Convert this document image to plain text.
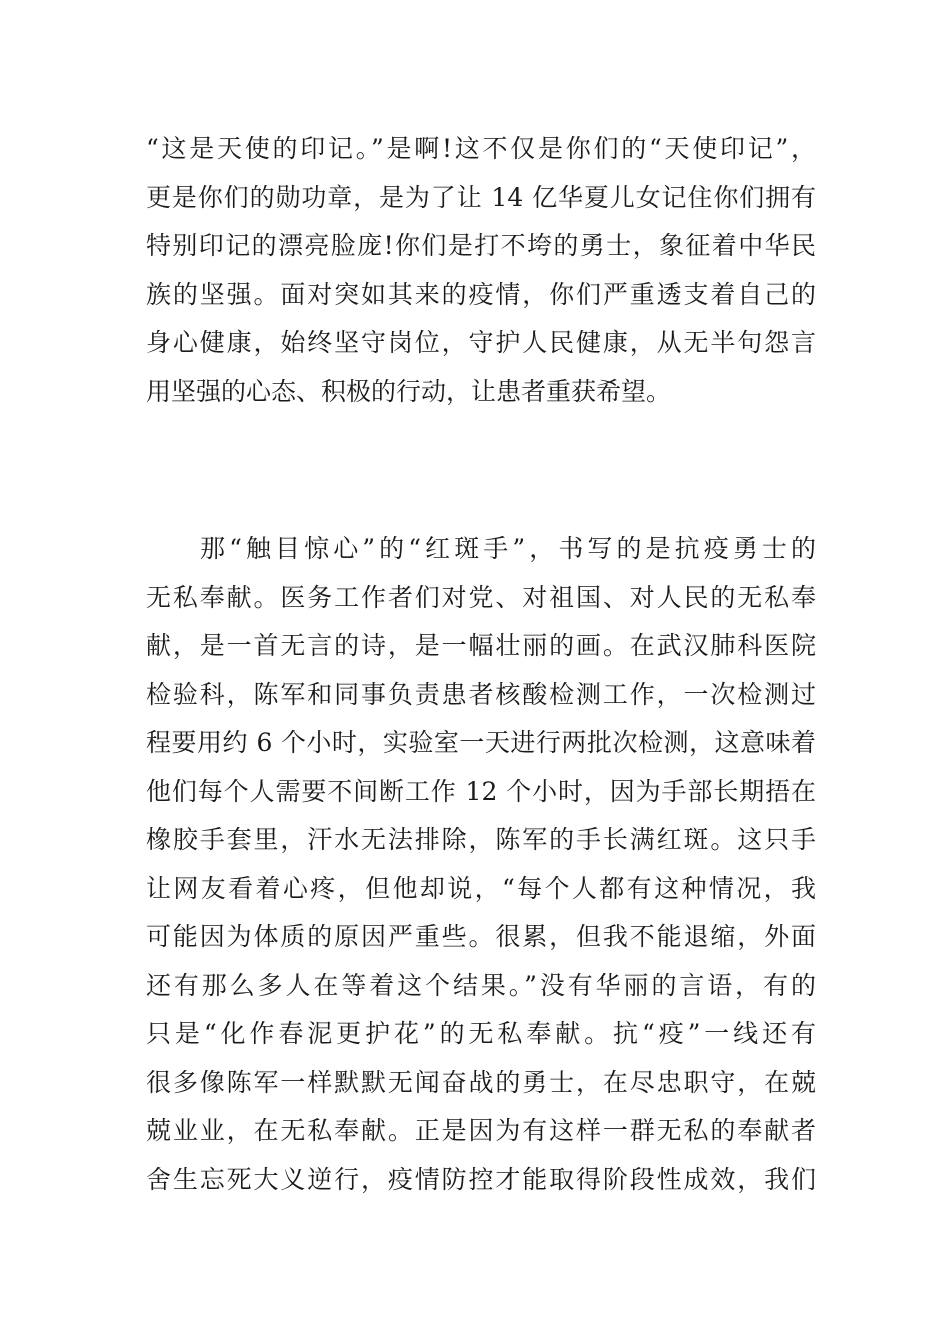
“这是天使的印记。”是啊!这不仅是你们的“天使印记”，
更是你们的勋功章，是为了让 14 亿华夏儿女记住你们拥有
特别印记的漂亮脸庞!你们是打不垮的勇士，象征着中华民
族的坚强。面对突如其来的疫情，你们严重透支着自己的
身心健康，始终坚守岗位，守护人民健康，从无半句怨言
用坚强的心态、积极的行动，让患者重获希望。
那“触目惊心”的“红斑手”，书写的是抗疫勇士的
无私奉献。医务工作者们对党、对祖国、对人民的无私奉
献，是一首无言的诗，是一幅壮丽的画。在武汉肺科医院
检验科，陈军和同事负责患者核酸检测工作，一次检测过
程要用约 6 个小时，实验室一天进行两批次检测，这意味着
他们每个人需要不间断工作 12 个小时，因为手部长期捂在
橡胶手套里，汗水无法排除，陈军的手长满红斑。这只手
让网友看着心疼，但他却说，“每个人都有这种情况，我
可能因为体质的原因严重些。很累，但我不能退缩，外面
还有那么多人在等着这个结果。”没有华丽的言语，有的
只是“化作春泥更护花”的无私奉献。抗“疫”一线还有
很多像陈军一样默默无闻奋战的勇士，在尽忠职守，在兢
兢业业，在无私奉献。正是因为有这样一群无私的奉献者
舍生忘死大义逆行，疫情防控才能取得阶段性成效，我们
